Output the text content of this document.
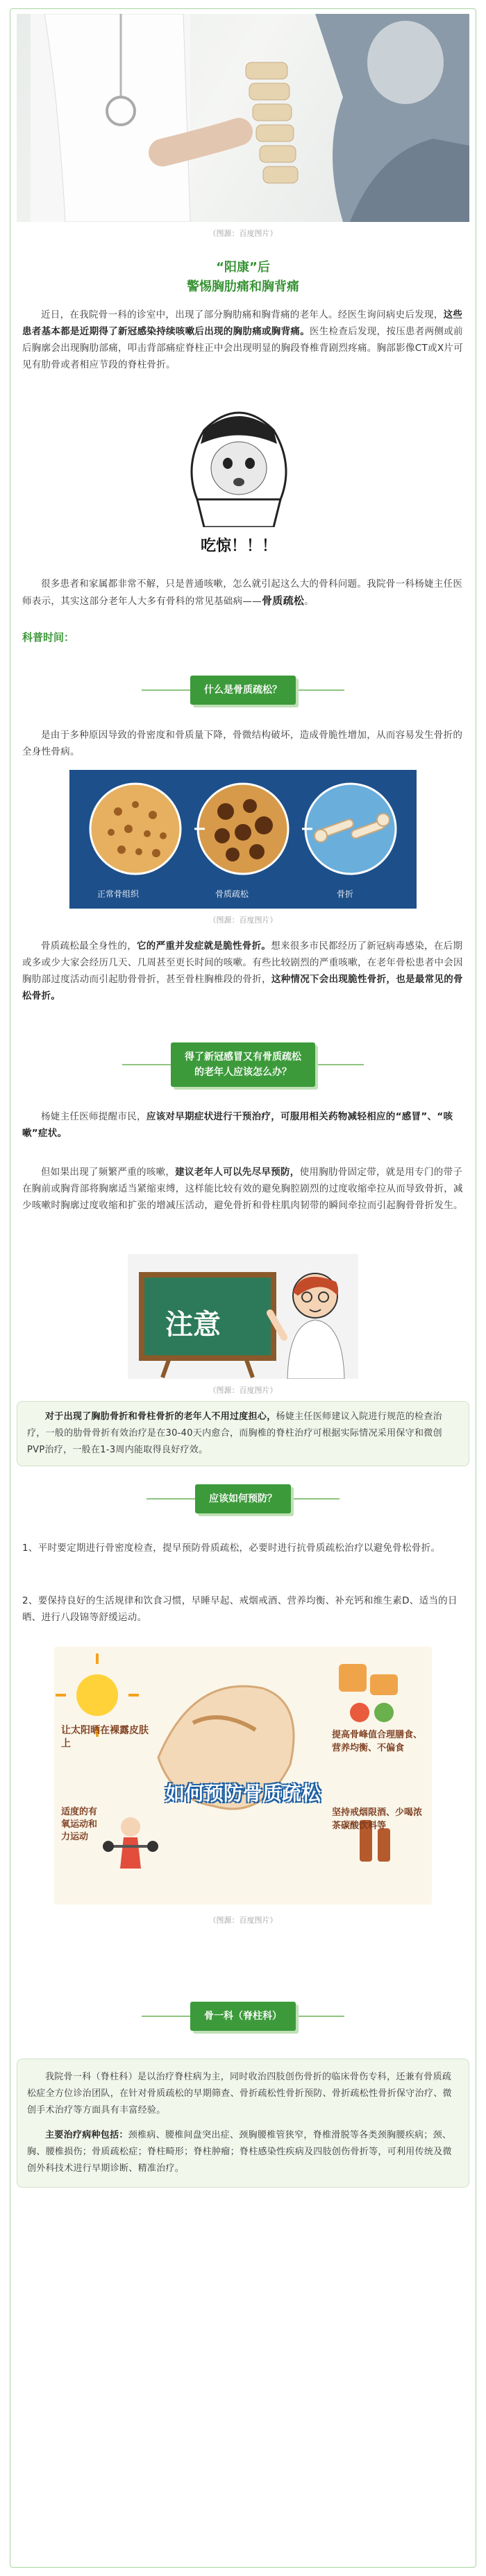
（图源：百度图片）
“阳康”后
警惕胸肋痛和胸背痛
近日，在我院骨一科的诊室中，出现了部分胸肋痛和胸背痛的老年人。经医生询问病史后发现，这些患者基本都是近期得了新冠感染持续咳嗽后出现的胸肋痛或胸背痛。医生检查后发现，按压患者两侧或前后胸廓会出现胸肋部痛，叩击背部痛症脊柱正中会出现明显的胸段脊椎背剧烈疼痛。胸部影像CT或X片可见有肋骨或者相应节段的脊柱骨折。
吃惊！！！
很多患者和家属都非常不解，只是普通咳嗽，怎么就引起这么大的骨科问题。我院骨一科杨婕主任医师表示，其实这部分老年人大多有骨科的常见基础病——骨质疏松。
科普时间：
什么是骨质疏松？
是由于多种原因导致的骨密度和骨质量下降，骨微结构破坏，造成骨脆性增加，从而容易发生骨折的全身性骨病。
正常骨组织	骨质疏松	骨折
（图源：百度图片）
骨质疏松最全身性的，它的严重并发症就是脆性骨折。想来很多市民都经历了新冠病毒感染，在后期或多或少大家会经历几天、几周甚至更长时间的咳嗽。有些比较剧烈的严重咳嗽，在老年骨松患者中会因胸肋部过度活动而引起肋骨骨折，甚至骨柱胸椎段的骨折，这种情况下会出现脆性骨折，也是最常见的骨松骨折。
得了新冠感冒又有骨质疏松
的老年人应该怎么办？
杨婕主任医师提醒市民，应该对早期症状进行干预治疗，可服用相关药物减轻相应的“感冒”、“咳嗽”症状。
但如果出现了频繁严重的咳嗽，建议老年人可以先尽早预防，使用胸肋骨固定带，就是用专门的带子在胸前或胸背部将胸廓适当紧缩束缚，这样能比较有效的避免胸腔剧烈的过度收缩牵拉从而导致骨折，减少咳嗽时胸廓过度收缩和扩张的增减压活动，避免骨折和骨柱肌肉韧带的瞬间牵拉而引起胸骨骨折发生。
注意
（图源：百度图片）
对于出现了胸肋骨折和骨柱骨折的老年人不用过度担心，杨婕主任医师建议入院进行规范的检查治疗，一般的肋骨骨折有效治疗是在30-40天内愈合，而胸椎的脊柱治疗可根据实际情况采用保守和微创PVP治疗，一般在1-3周内能取得良好疗效。
应该如何预防？
1、平时要定期进行骨密度检查，提早预防骨质疏松，必要时进行抗骨质疏松治疗以避免骨松骨折。
2、要保持良好的生活规律和饮食习惯，早睡早起、戒烟戒酒、营养均衡、补充钙和维生素D、适当的日晒、进行八段锦等舒缓运动。
如何预防骨质疏松
让太阳晒在裸露皮肤上
提高骨峰值合理膳食、营养均衡、不偏食
适度的有氧运动和力运动
坚持戒烟限酒、少喝浓茶碳酸饮料等
（图源：百度图片）
骨一科（脊柱科）
我院骨一科（脊柱科）是以治疗脊柱病为主，同时收治四肢创伤骨折的临床骨伤专科，还兼有骨质疏松症全方位诊治团队，在针对骨质疏松的早期筛查、骨折疏松性骨折预防、骨折疏松性骨折保守治疗、微创手术治疗等方面具有丰富经验。
主要治疗病种包括：颈椎病、腰椎间盘突出症、颈胸腰椎管狭窄，脊椎滑脱等各类颈胸腰疾病；颈、胸、腰椎损伤；骨质疏松症；脊柱畸形；脊柱肿瘤；脊柱感染性疾病及四肢创伤骨折等，可利用传统及微创外科技术进行早期诊断、精准治疗。
